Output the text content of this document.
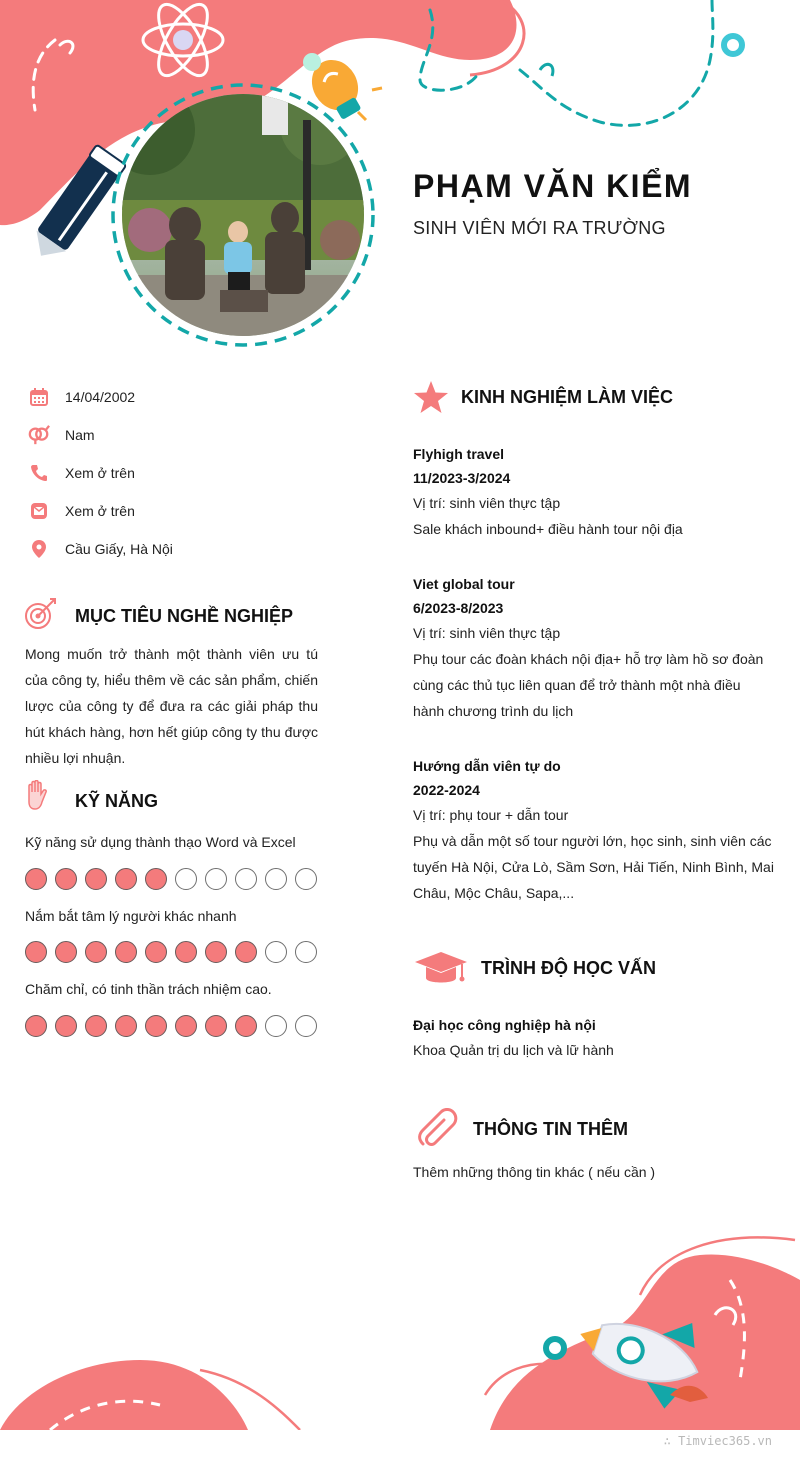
PHẠM VĂN KIỂM
SINH VIÊN MỚI RA TRƯỜNG
14/04/2002
Nam
Xem ở trên
Xem ở trên
Cầu Giấy, Hà Nội
MỤC TIÊU NGHỀ NGHIỆP
Mong muốn trở thành một thành viên ưu tú của công ty, hiểu thêm về các sản phẩm, chiến lược của công ty để đưa ra các giải pháp thu hút khách hàng, hơn hết giúp công ty thu được nhiều lợi nhuận.
KỸ NĂNG
Kỹ năng sử dụng thành thạo Word và Excel
Nắm bắt tâm lý người khác nhanh
Chăm chỉ, có tinh thần trách nhiệm cao.
KINH NGHIỆM LÀM VIỆC
Flyhigh travel
11/2023-3/2024
Vị trí: sinh viên thực tập
Sale khách inbound+ điều hành tour nội địa
Viet global tour
6/2023-8/2023
Vị trí: sinh viên thực tập
Phụ tour các đoàn khách nội địa+ hỗ trợ làm hồ sơ đoàn
cùng các thủ tục liên quan để trở thành một nhà điều
hành chương trình du lịch
Hướng dẫn viên tự do
2022-2024
Vị trí: phụ tour + dẫn tour
Phụ và dẫn một số tour người lớn, học sinh, sinh viên các
tuyến Hà Nội, Cửa Lò, Sầm Sơn, Hải Tiến, Ninh Bình, Mai
Châu, Mộc Châu, Sapa,...
TRÌNH ĐỘ HỌC VẤN
Đại học công nghiệp hà nội
Khoa Quản trị du lịch và lữ hành
THÔNG TIN THÊM
Thêm những thông tin khác ( nếu cần )
∴ Timviec365.vn
